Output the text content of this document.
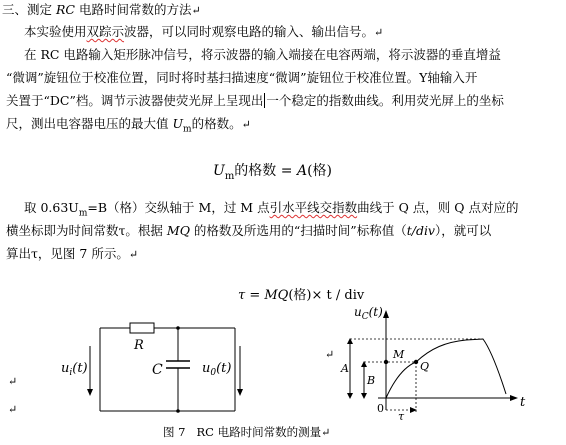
三、测定 RC 电路时间常数的方法↵
本实验使用双踪示波器，可以同时观察电路的输入、输出信号。↵
在 RC 电路输入矩形脉冲信号，将示波器的输入端接在电容两端，将示波器的垂直增益
“微调”旋钮位于校准位置，同时将时基扫描速度“微调”旋钮位于校准位置。Y轴输入开
关置于“DC”档。调节示波器使荧光屏上呈现出 一个稳定的指数曲线。利用荧光屏上的坐标
尺，测出电容器电压的最大值 $U_m$的格数。↵
$U_m$的格数 = A(格)
取 $0.63U_m=B$（格）交纵轴于 M，过 M 点引水平线交指数曲线于 Q 点，则 Q 点对应的
横坐标即为时间常数τ。根据 MQ 的格数及所选用的“扫描时间”标称值（t/div），就可以
算出τ，见图 7 所示。↵
τ = MQ(格)× t / div
↵
↵
↵
R
C
$u_i(t)$	$u_0(t)$
$u_C(t)$
t
0
A
B
M
Q
τ
图 7 RC 电路时间常数的测量↵
